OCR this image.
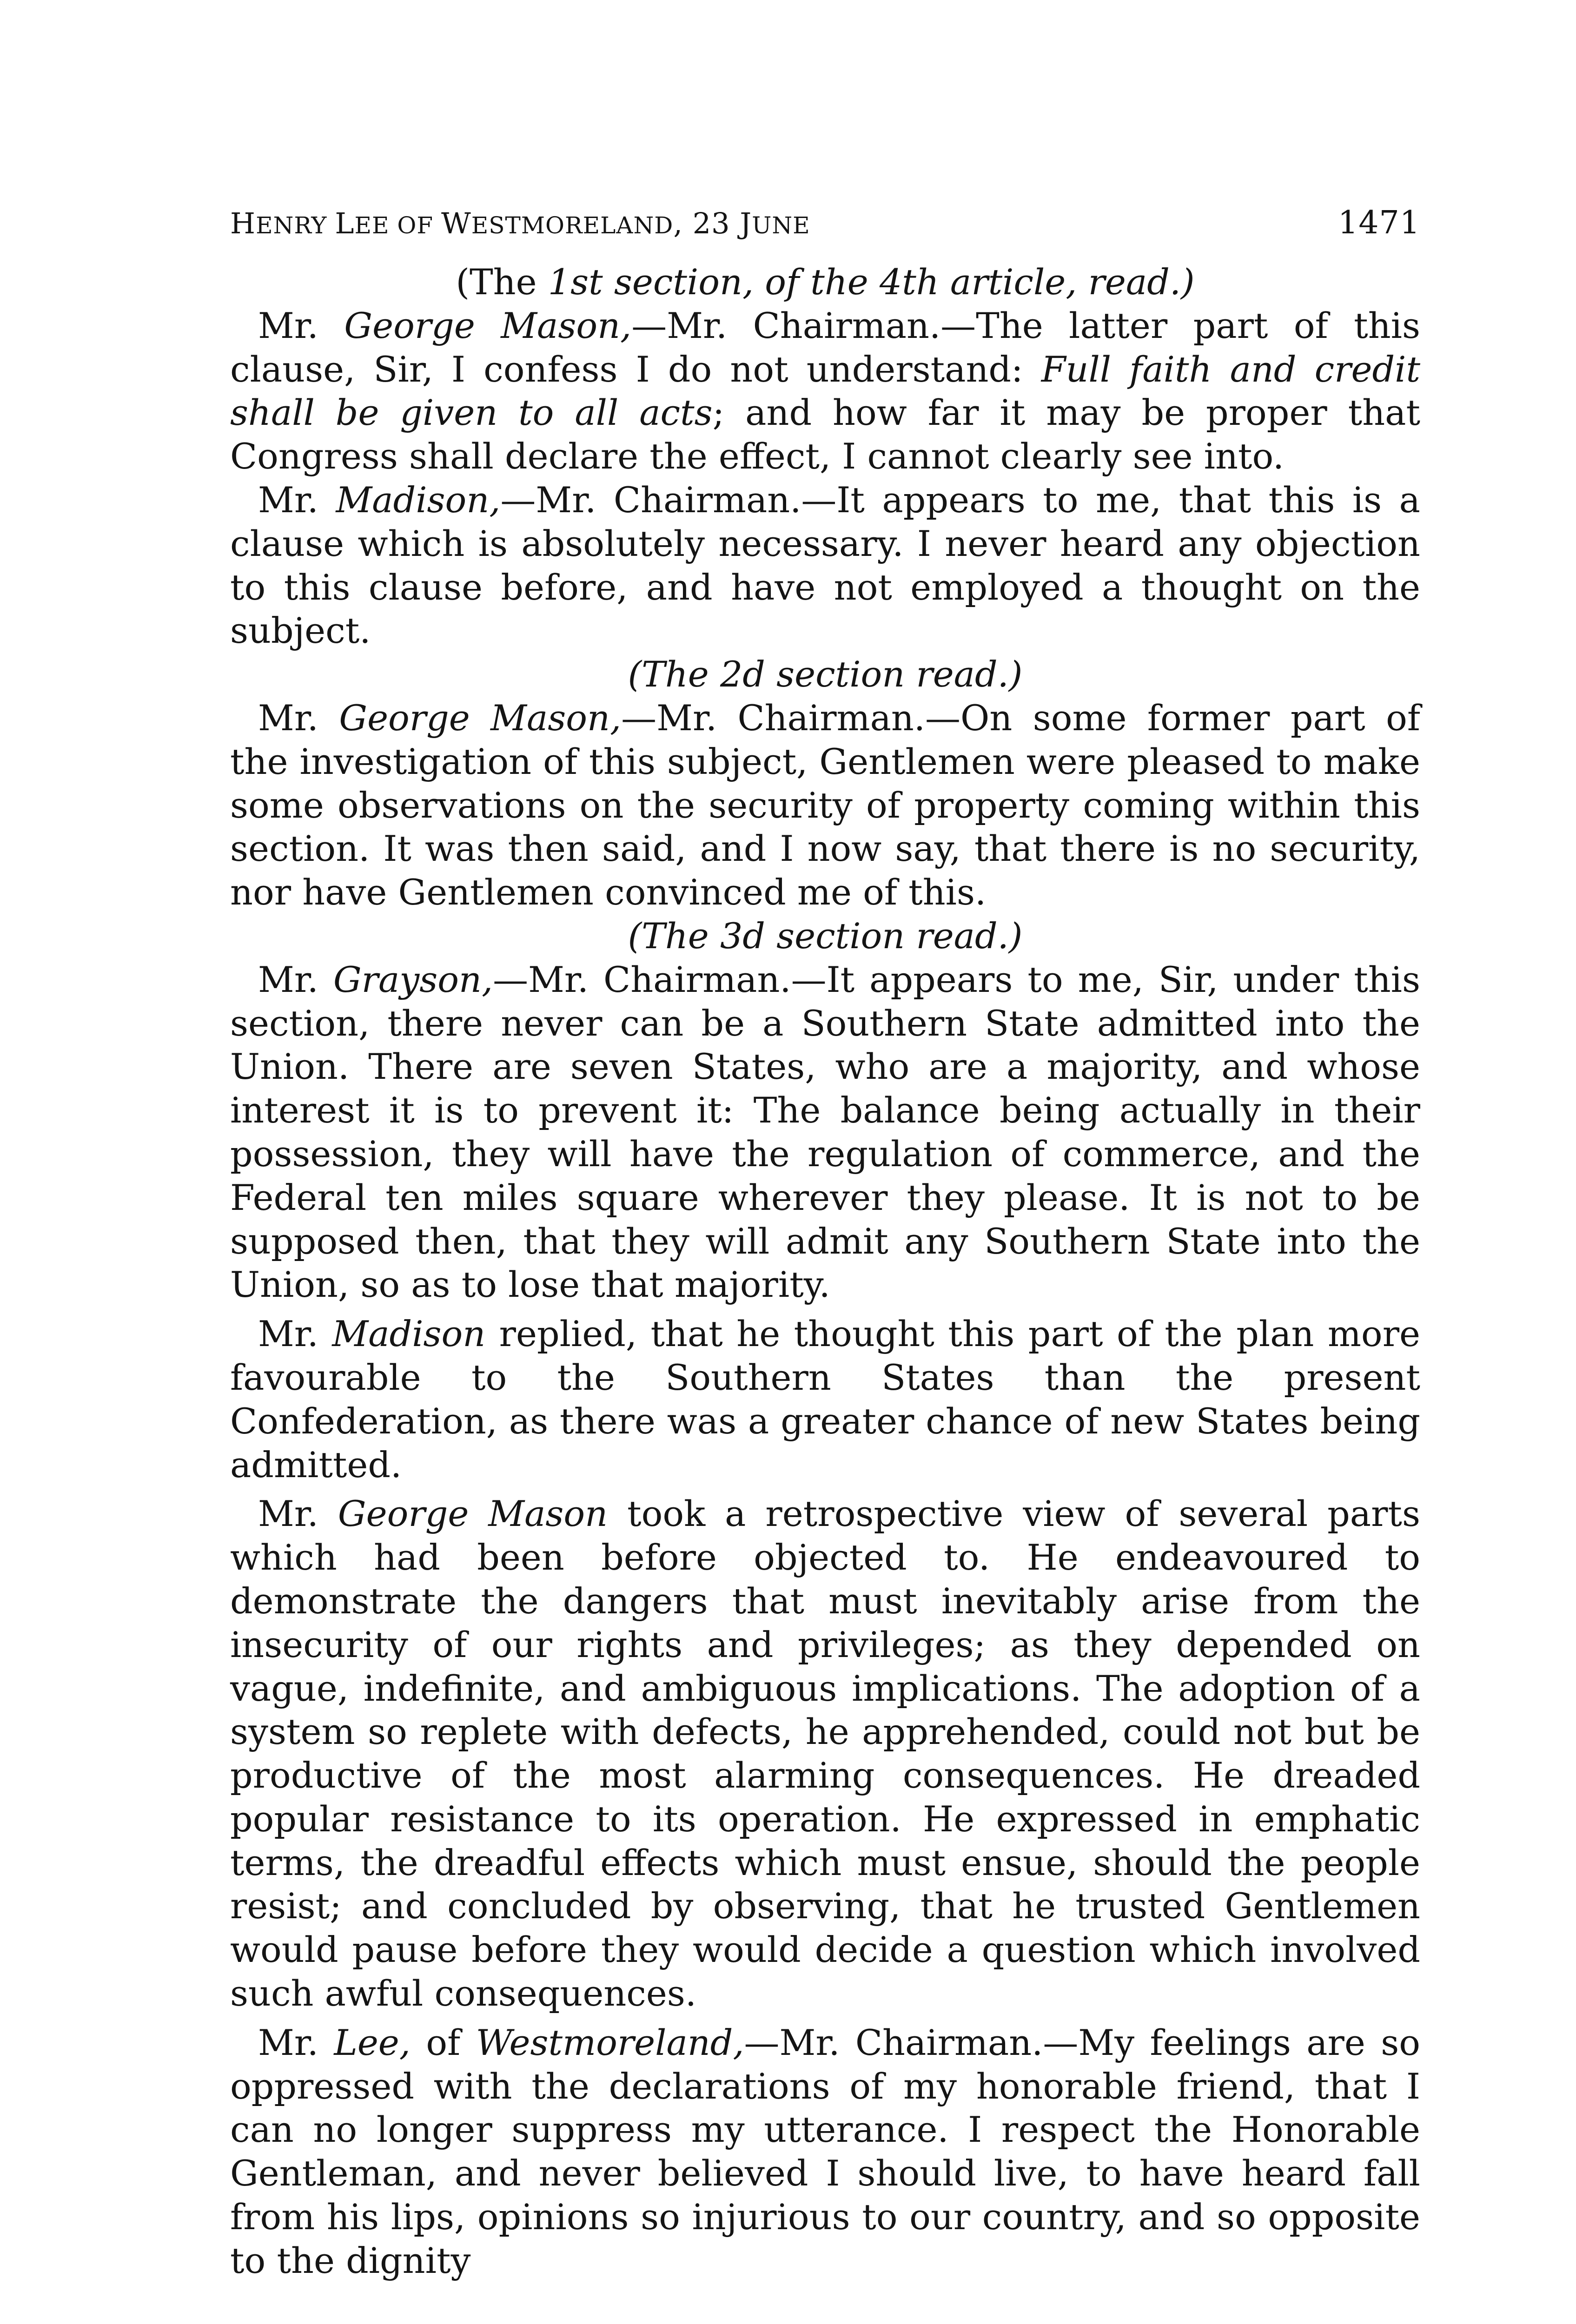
HENRY LEE OF WESTMORELAND, 23 JUNE	1471

(The 1st section, of the 4th article, read.)

Mr. George Mason,—Mr. Chairman.—The latter part of this clause, Sir, I confess I do not understand: Full faith and credit shall be given to all acts; and how far it may be proper that Congress shall declare the effect, I cannot clearly see into.

Mr. Madison,—Mr. Chairman.—It appears to me, that this is a clause which is absolutely necessary. I never heard any objection to this clause before, and have not employed a thought on the subject.

(The 2d section read.)

Mr. George Mason,—Mr. Chairman.—On some former part of the investigation of this subject, Gentlemen were pleased to make some observations on the security of property coming within this section. It was then said, and I now say, that there is no security, nor have Gentlemen convinced me of this.

(The 3d section read.)

Mr. Grayson,—Mr. Chairman.—It appears to me, Sir, under this section, there never can be a Southern State admitted into the Union. There are seven States, who are a majority, and whose interest it is to prevent it: The balance being actually in their possession, they will have the regulation of commerce, and the Federal ten miles square wherever they please. It is not to be supposed then, that they will admit any Southern State into the Union, so as to lose that majority.

Mr. Madison replied, that he thought this part of the plan more favourable to the Southern States than the present Confederation, as there was a greater chance of new States being admitted.

Mr. George Mason took a retrospective view of several parts which had been before objected to. He endeavoured to demonstrate the dangers that must inevitably arise from the insecurity of our rights and privileges; as they depended on vague, indefinite, and ambiguous implications. The adoption of a system so replete with defects, he apprehended, could not but be productive of the most alarming consequences. He dreaded popular resistance to its operation. He expressed in emphatic terms, the dreadful effects which must ensue, should the people resist; and concluded by observing, that he trusted Gentlemen would pause before they would decide a question which involved such awful consequences.

Mr. Lee, of Westmoreland,—Mr. Chairman.—My feelings are so oppressed with the declarations of my honorable friend, that I can no longer suppress my utterance. I respect the Honorable Gentleman, and never believed I should live, to have heard fall from his lips, opinions so injurious to our country, and so opposite to the dignity
